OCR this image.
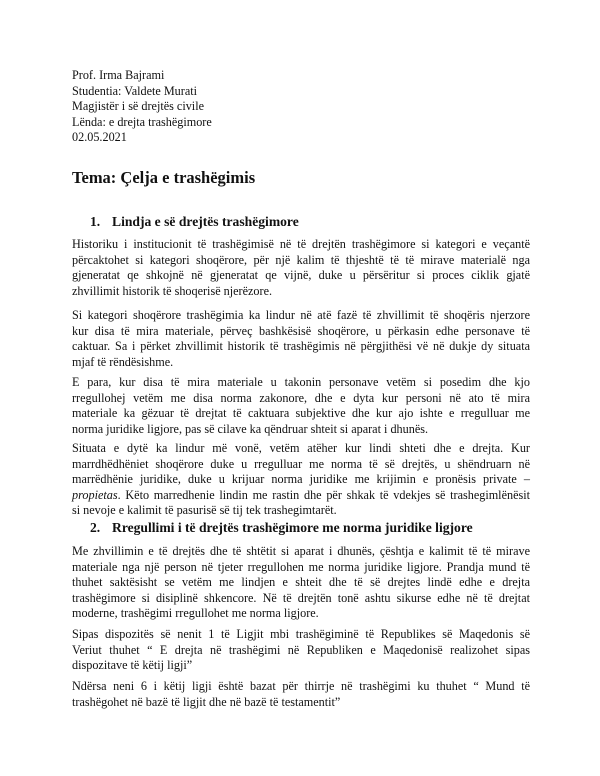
Prof. Irma Bajrami
Studentia: Valdete Murati
Magjistër i së drejtës civile
Lënda: e drejta trashëgimore
02.05.2021
Tema: Çelja e trashëgimis
1. Lindja e së drejtës trashëgimore
Historiku i institucionit të trashëgimisë në të drejtën trashëgimore si kategori e veçantë
përcaktohet si kategori shoqërore, për një kalim të thjeshtë të të mirave materialë nga
gjeneratat qe shkojnë në gjeneratat qe vijnë, duke u përsëritur si proces ciklik gjatë
zhvillimit historik të shoqerisë njerëzore.
Si kategori shoqërore trashëgimia ka lindur në atë fazë të zhvillimit të shoqëris njerzore
kur disa të mira materiale, përveç bashkësisë shoqërore, u përkasin edhe personave të
caktuar. Sa i përket zhvillimit historik të trashëgimis në përgjithësi vë në dukje dy situata
mjaf të rëndësishme.
E para, kur disa të mira materiale u takonin personave vetëm si posedim dhe kjo
rregullohej vetëm me disa norma zakonore, dhe e dyta kur personi në ato të mira
materiale ka gëzuar të drejtat të caktuara subjektive dhe kur ajo ishte e rregulluar me
norma juridike ligjore, pas së cilave ka qëndruar shteit si aparat i dhunës.
Situata e dytë ka lindur më vonë, vetëm atëher kur lindi shteti dhe e drejta. Kur
marrdhëdhëniet shoqërore duke u rregulluar me norma të së drejtës, u shëndruarn në
marrëdhënie juridike, duke u krijuar norma juridike me krijimin e pronësis private –
propietas. Këto marredhenie lindin me rastin dhe për shkak të vdekjes së trashegimlënësit
si nevoje e kalimit të pasurisë së tij tek trashegimtarët.
2. Rregullimi i të drejtës trashëgimore me norma juridike ligjore
Me zhvillimin e të drejtës dhe të shtëtit si aparat i dhunës, çështja e kalimit të të mirave
materiale nga një person në tjeter rregullohen me norma juridike ligjore. Prandja mund të
thuhet saktësisht se vetëm me lindjen e shteit dhe të së drejtes lindë edhe e drejta
trashëgimore si disiplinë shkencore. Në të drejtën tonë ashtu sikurse edhe në të drejtat
moderne, trashëgimi rregullohet me norma ligjore.
Sipas dispozitës së nenit 1 të Ligjit mbi trashëgiminë të Republikes së Maqedonis së
Veriut thuhet “ E drejta në trashëgimi në Republiken e Maqedonisë realizohet sipas
dispozitave të këtij ligji”
Ndërsa neni 6 i këtij ligji është bazat për thirrje në trashëgimi ku thuhet “ Mund të
trashëgohet në bazë të ligjit dhe në bazë të testamentit”
